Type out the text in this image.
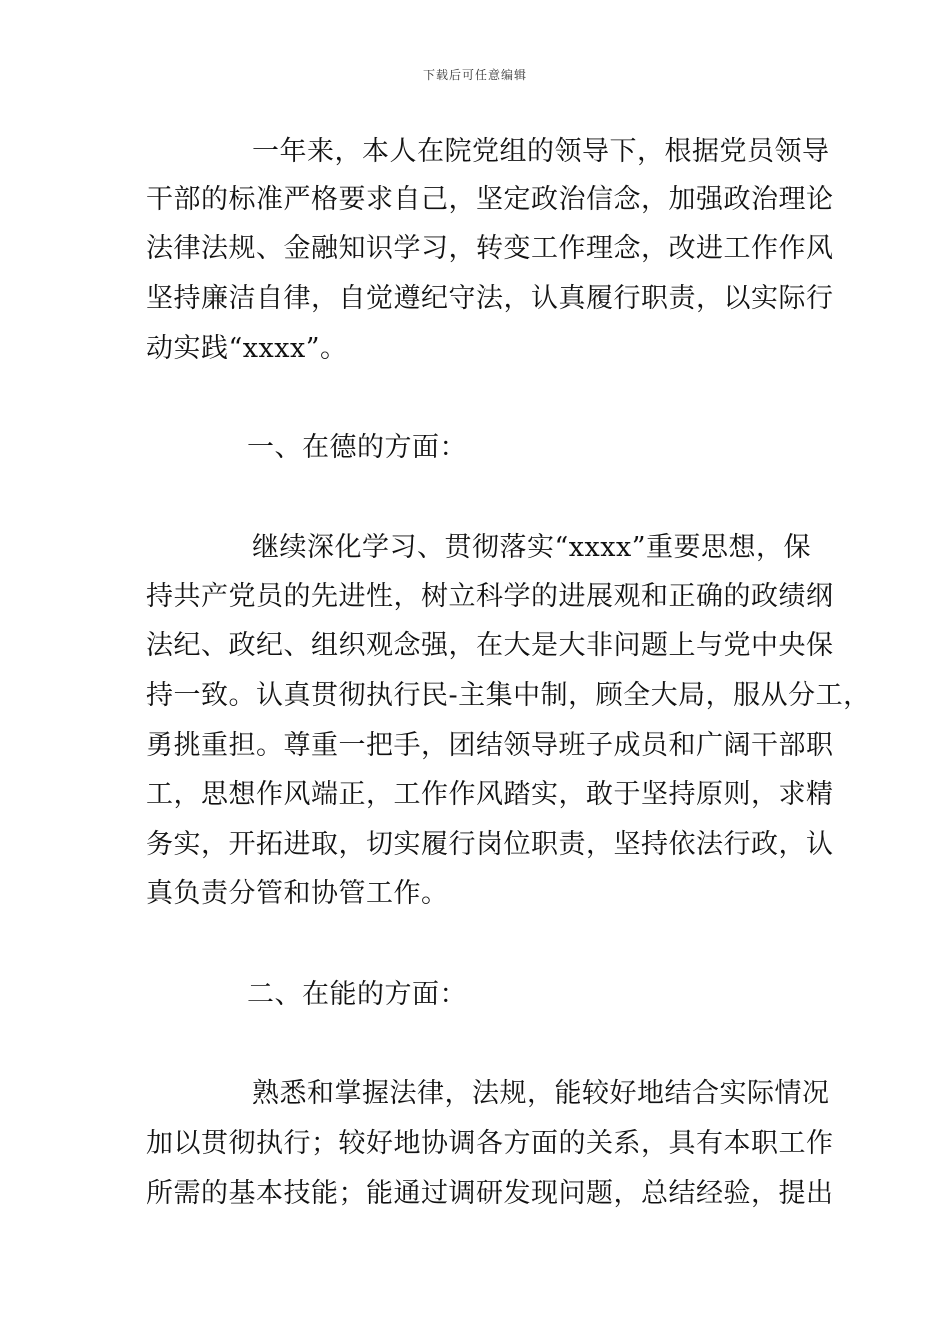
下载后可任意编辑
一年来，本人在院党组的领导下，根据党员领导
干部的标准严格要求自己，坚定政治信念，加强政治理论
法律法规、金融知识学习，转变工作理念，改进工作作风
坚持廉洁自律，自觉遵纪守法，认真履行职责，以实际行
动实践“xxxx”。
一、在德的方面：
继续深化学习、贯彻落实“xxxx”重要思想，保
持共产党员的先进性，树立科学的进展观和正确的政绩纲
法纪、政纪、组织观念强，在大是大非问题上与党中央保
持一致。认真贯彻执行民-主集中制，顾全大局，服从分工，
勇挑重担。尊重一把手，团结领导班子成员和广阔干部职
工，思想作风端正，工作作风踏实，敢于坚持原则，求精
务实，开拓进取，切实履行岗位职责，坚持依法行政，认
真负责分管和协管工作。
二、在能的方面：
熟悉和掌握法律，法规，能较好地结合实际情况
加以贯彻执行；较好地协调各方面的关系，具有本职工作
所需的基本技能；能通过调研发现问题，总结经验，提出
